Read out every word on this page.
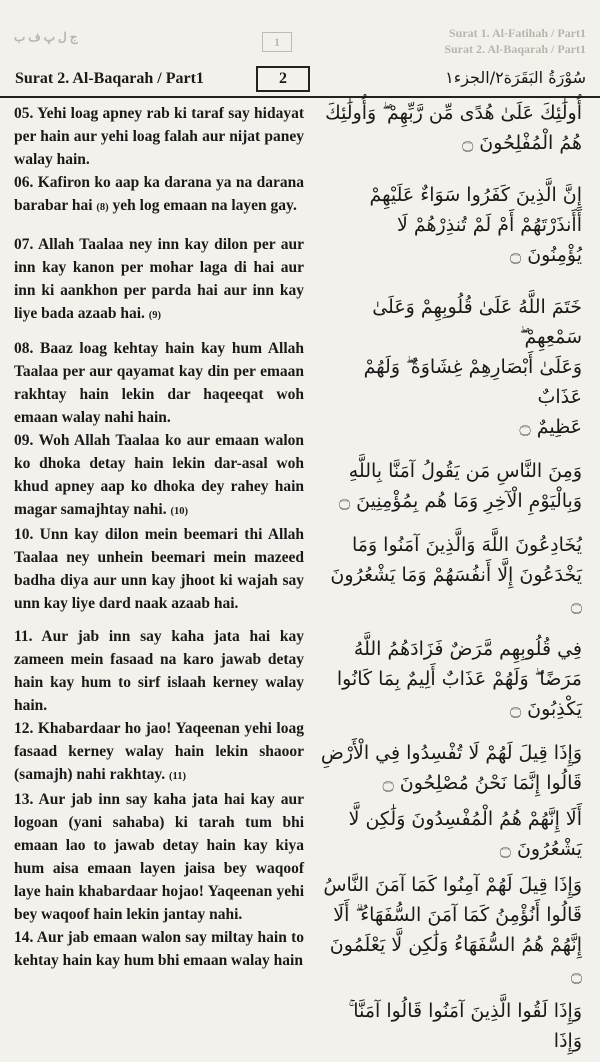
ج ل پ ف ب	1
Surat 1. Al-Fatihah / Part1
Surat 2. Al-Baqarah / Part1
Surat 2. Al-Baqarah / Part1	2	سُوْرَةُ البَقَرَة٢/الجزء١

05. Yehi loag apney rab ki taraf say hidayat per hain aur yehi loag falah aur nijat paney walay hain.

06. Kafiron ko aap ka darana ya na darana barabar hai (8) yeh log emaan na layen gay.

07. Allah Taalaa ney inn kay dilon per aur inn kay kanon per mohar laga di hai aur inn ki aankhon per parda hai aur inn kay liye bada azaab hai. (9)

08. Baaz loag kehtay hain kay hum Allah Taalaa per aur qayamat kay din per emaan rakhtay hain lekin dar haqeeqat woh emaan walay nahi hain.

09. Woh Allah Taalaa ko aur emaan walon ko dhoka detay hain lekin dar-asal woh khud apney aap ko dhoka dey rahey hain magar samajhtay nahi. (10)

10. Unn kay dilon mein beemari thi Allah Taalaa ney unhein beemari mein mazeed badha diya aur unn kay jhoot ki wajah say unn kay liye dard naak azaab hai.

11. Aur jab inn say kaha jata hai kay zameen mein fasaad na karo jawab detay hain kay hum to sirf islaah kerney walay hain.

12. Khabardaar ho jao! Yaqeenan yehi loag fasaad kerney walay hain lekin shaoor (samajh) nahi rakhtay. (11)

13. Aur jab inn say kaha jata hai kay aur logoan (yani sahaba) ki tarah tum bhi emaan lao to jawab detay hain kay kiya hum aisa emaan layen jaisa bey waqoof laye hain khabardaar hojao! Yaqeenan yehi bey waqoof hain lekin jantay nahi.

14. Aur jab emaan walon say miltay hain to kehtay hain kay hum bhi emaan walay hain

أُولَٰئِكَ عَلَىٰ هُدًى مِّن رَّبِّهِمْ ۖ وَأُولَٰئِكَ
هُمُ الْمُفْلِحُونَ ۝
إِنَّ الَّذِينَ كَفَرُوا سَوَاءٌ عَلَيْهِمْ
أَأَنذَرْتَهُمْ أَمْ لَمْ تُنذِرْهُمْ لَا
يُؤْمِنُونَ ۝
خَتَمَ اللَّهُ عَلَىٰ قُلُوبِهِمْ وَعَلَىٰ سَمْعِهِمْ ۖ
وَعَلَىٰ أَبْصَارِهِمْ غِشَاوَةٌ ۖ وَلَهُمْ عَذَابٌ
عَظِيمٌ ۝
وَمِنَ النَّاسِ مَن يَقُولُ آمَنَّا بِاللَّهِ
وَبِالْيَوْمِ الْآخِرِ وَمَا هُم بِمُؤْمِنِينَ ۝
يُخَادِعُونَ اللَّهَ وَالَّذِينَ آمَنُوا وَمَا
يَخْدَعُونَ إِلَّا أَنفُسَهُمْ وَمَا يَشْعُرُونَ ۝
فِي قُلُوبِهِم مَّرَضٌ فَزَادَهُمُ اللَّهُ
مَرَضًا ۖ وَلَهُمْ عَذَابٌ أَلِيمٌ بِمَا كَانُوا
يَكْذِبُونَ ۝
وَإِذَا قِيلَ لَهُمْ لَا تُفْسِدُوا فِي الْأَرْضِ
قَالُوا إِنَّمَا نَحْنُ مُصْلِحُونَ ۝
أَلَا إِنَّهُمْ هُمُ الْمُفْسِدُونَ وَلَٰكِن لَّا
يَشْعُرُونَ ۝
وَإِذَا قِيلَ لَهُمْ آمِنُوا كَمَا آمَنَ النَّاسُ
قَالُوا أَنُؤْمِنُ كَمَا آمَنَ السُّفَهَاءُ ۗ أَلَا
إِنَّهُمْ هُمُ السُّفَهَاءُ وَلَٰكِن لَّا يَعْلَمُونَ ۝
وَإِذَا لَقُوا الَّذِينَ آمَنُوا قَالُوا آمَنَّا ۚ وَإِذَا
